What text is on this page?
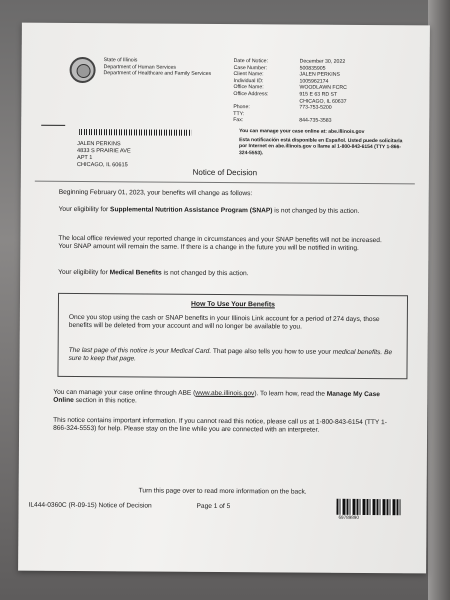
State of Illinois
Department of Human Services
Department of Healthcare and Family Services
Date of Notice:
Case Number:
Client Name:
Individual ID:
Office Name:
Office Address:

Phone:
TTY:
Fax:
December 30, 2022
500835905
JALEN PERKINS
1005962174
WOODLAWN FCRC
915 E 63 RD ST
CHICAGO, IL 60637
773-753-5200

844-735-3583
You can manage your case online at: abe.illinois.gov
Esta notificación está disponible en Español. Usted puede solicitarla por Internet en abe.illinois.gov o llame al 1-800-843-6154 (TTY 1-866-324-5553).
JALEN PERKINS
4833 S PRAIRIE AVE
APT 1
CHICAGO, IL 60615
Notice of Decision
Beginning February 01, 2023, your benefits will change as follows:
Your eligibility for Supplemental Nutrition Assistance Program (SNAP) is not changed by this action.
The local office reviewed your reported change in circumstances and your SNAP benefits will not be increased. Your SNAP amount will remain the same. If there is a change in the future you will be notified in writing.
Your eligibility for Medical Benefits is not changed by this action.
How To Use Your Benefits
Once you stop using the cash or SNAP benefits in your Illinois Link account for a period of 274 days, those benefits will be deleted from your account and will no longer be available to you.
The last page of this notice is your Medical Card. That page also tells you how to use your medical benefits. Be sure to keep that page.
You can manage your case online through ABE (www.abe.illinois.gov). To learn how, read the Manage My Case Online section in this notice.
This notice contains important information. If you cannot read this notice, please call us at 1-800-843-6154 (TTY 1-866-324-5553) for help. Please stay on the line while you are connected with an interpreter.
Turn this page over to read more information on the back.
IL444-0360C (R-09-15) Notice of Decision	Page 1 of 5
69789890
